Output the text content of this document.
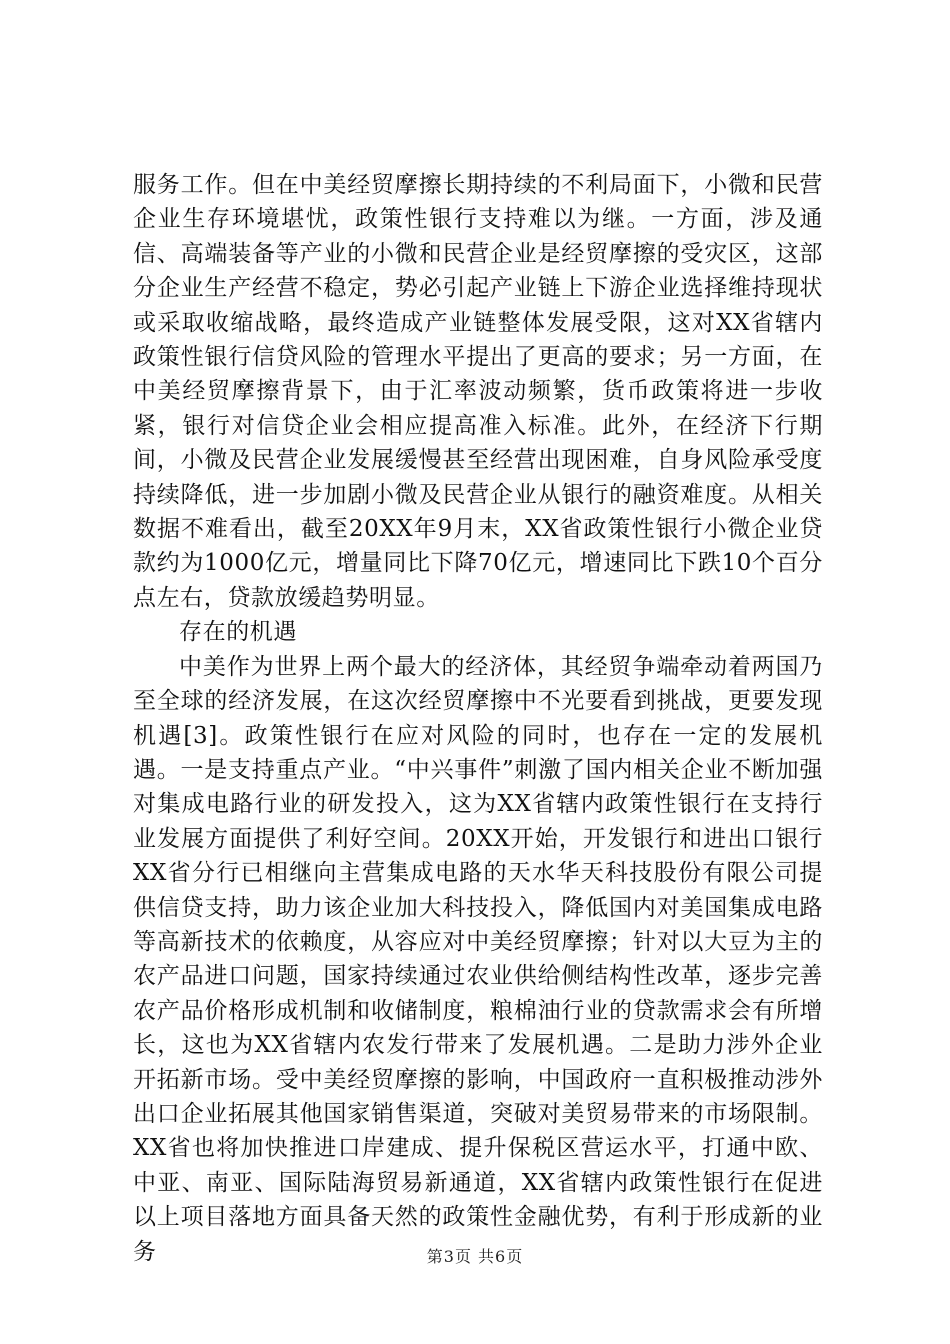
服务工作。但在中美经贸摩擦长期持续的不利局面下，小微和民营企业生存环境堪忧，政策性银行支持难以为继。一方面，涉及通信、高端装备等产业的小微和民营企业是经贸摩擦的受灾区，这部分企业生产经营不稳定，势必引起产业链上下游企业选择维持现状或采取收缩战略，最终造成产业链整体发展受限，这对XX省辖内政策性银行信贷风险的管理水平提出了更高的要求；另一方面，在中美经贸摩擦背景下，由于汇率波动频繁，货币政策将进一步收紧，银行对信贷企业会相应提高准入标准。此外，在经济下行期间，小微及民营企业发展缓慢甚至经营出现困难，自身风险承受度持续降低，进一步加剧小微及民营企业从银行的融资难度。从相关数据不难看出，截至20XX年9月末，XX省政策性银行小微企业贷款约为1000亿元，增量同比下降70亿元，增速同比下跌10个百分点左右，贷款放缓趋势明显。

存在的机遇

中美作为世界上两个最大的经济体，其经贸争端牵动着两国乃至全球的经济发展，在这次经贸摩擦中不光要看到挑战，更要发现机遇[3]。政策性银行在应对风险的同时，也存在一定的发展机遇。一是支持重点产业。“中兴事件”刺激了国内相关企业不断加强对集成电路行业的研发投入，这为XX省辖内政策性银行在支持行业发展方面提供了利好空间。20XX开始，开发银行和进出口银行XX省分行已相继向主营集成电路的天水华天科技股份有限公司提供信贷支持，助力该企业加大科技投入，降低国内对美国集成电路等高新技术的依赖度，从容应对中美经贸摩擦；针对以大豆为主的农产品进口问题，国家持续通过农业供给侧结构性改革，逐步完善农产品价格形成机制和收储制度，粮棉油行业的贷款需求会有所增长，这也为XX省辖内农发行带来了发展机遇。二是助力涉外企业开拓新市场。受中美经贸摩擦的影响，中国政府一直积极推动涉外出口企业拓展其他国家销售渠道，突破对美贸易带来的市场限制。XX省也将加快推进口岸建成、提升保税区营运水平，打通中欧、中亚、南亚、国际陆海贸易新通道，XX省辖内政策性银行在促进以上项目落地方面具备天然的政策性金融优势，有利于形成新的业务	第3页 共6页
